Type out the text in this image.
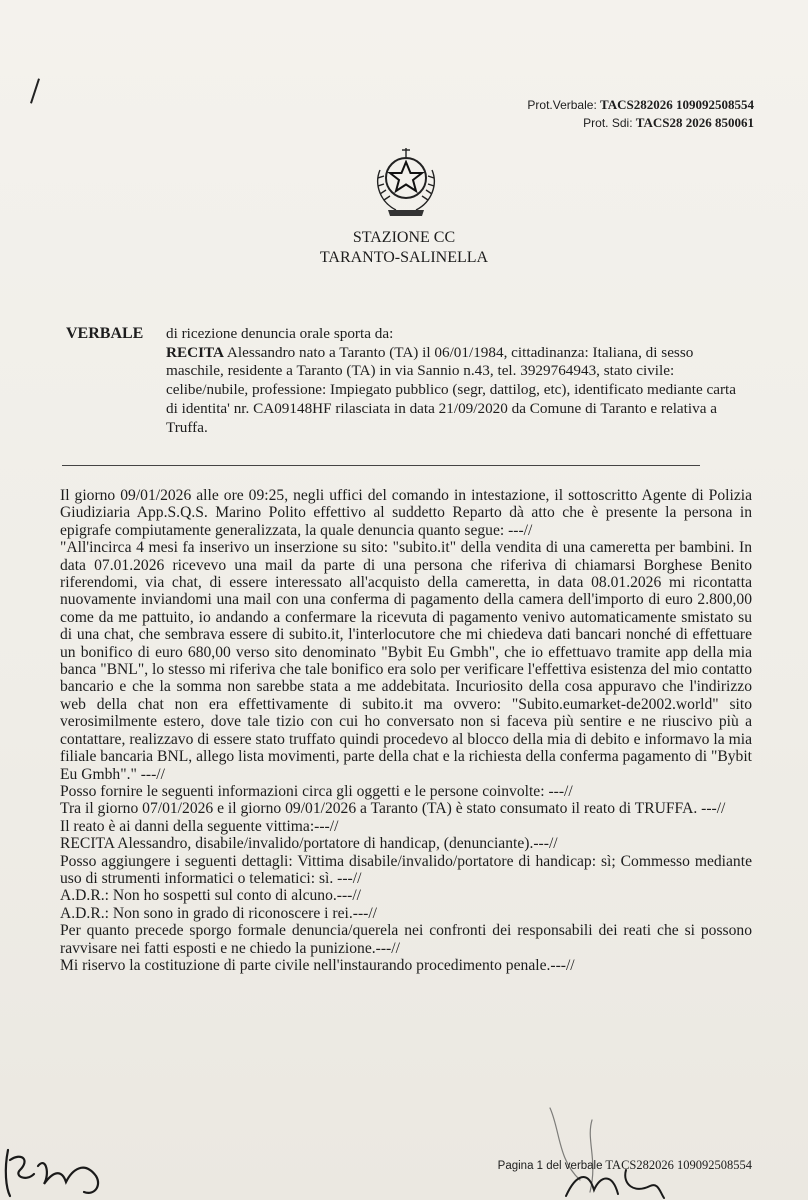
Prot.Verbale: TACS282026 109092508554
Prot. Sdi: TACS28 2026 850061
STAZIONE CC
TARANTO-SALINELLA
VERBALE di ricezione denuncia orale sporta da:
RECITA Alessandro nato a Taranto (TA) il 06/01/1984, cittadinanza: Italiana, di sesso maschile, residente a Taranto (TA) in via Sannio n.43, tel. 3929764943, stato civile: celibe/nubile, professione: Impiegato pubblico (segr, dattilog, etc), identificato mediante carta di identita' nr. CA09148HF rilasciata in data 21/09/2020 da Comune di Taranto e relativa a Truffa.

Il giorno 09/01/2026 alle ore 09:25, negli uffici del comando in intestazione, il sottoscritto Agente di Polizia Giudiziaria App.S.Q.S. Marino Polito effettivo al suddetto Reparto dà atto che è presente la persona in epigrafe compiutamente generalizzata, la quale denuncia quanto segue: ---//

"All'incirca 4 mesi fa inserivo un inserzione su sito: "subito.it" della vendita di una cameretta per bambini. In data 07.01.2026 ricevevo una mail da parte di una persona che riferiva di chiamarsi Borghese Benito riferendomi, via chat, di essere interessato all'acquisto della cameretta, in data 08.01.2026 mi ricontatta nuovamente inviandomi una mail con una conferma di pagamento della camera dell'importo di euro 2.800,00 come da me pattuito, io andando a confermare la ricevuta di pagamento venivo automaticamente smistato su di una chat, che sembrava essere di subito.it, l'interlocutore che mi chiedeva dati bancari nonché di effettuare un bonifico di euro 680,00 verso sito denominato "Bybit Eu Gmbh", che io effettuavo tramite app della mia banca "BNL", lo stesso mi riferiva che tale bonifico era solo per verificare l'effettiva esistenza del mio contatto bancario e che la somma non sarebbe stata a me addebitata. Incuriosito della cosa appuravo che l'indirizzo web della chat non era effettivamente di subito.it ma ovvero: "Subito.eumarket-de2002.world" sito verosimilmente estero, dove tale tizio con cui ho conversato non si faceva più sentire e ne riuscivo più a contattare, realizzavo di essere stato truffato quindi procedevo al blocco della mia di debito e informavo la mia filiale bancaria BNL, allego lista movimenti, parte della chat e la richiesta della conferma pagamento di "Bybit Eu Gmbh"." ---//

Posso fornire le seguenti informazioni circa gli oggetti e le persone coinvolte: ---//

Tra il giorno 07/01/2026 e il giorno 09/01/2026 a Taranto (TA) è stato consumato il reato di TRUFFA. ---//

Il reato è ai danni della seguente vittima:---//

RECITA Alessandro, disabile/invalido/portatore di handicap, (denunciante).---//

Posso aggiungere i seguenti dettagli: Vittima disabile/invalido/portatore di handicap: sì; Commesso mediante uso di strumenti informatici o telematici: sì. ---//

A.D.R.: Non ho sospetti sul conto di alcuno.---//

A.D.R.: Non sono in grado di riconoscere i rei.---//

Per quanto precede sporgo formale denuncia/querela nei confronti dei responsabili dei reati che si possono ravvisare nei fatti esposti e ne chiedo la punizione.---//

Mi riservo la costituzione di parte civile nell'instaurando procedimento penale.---//

Pagina 1 del verbale TACS282026 109092508554
